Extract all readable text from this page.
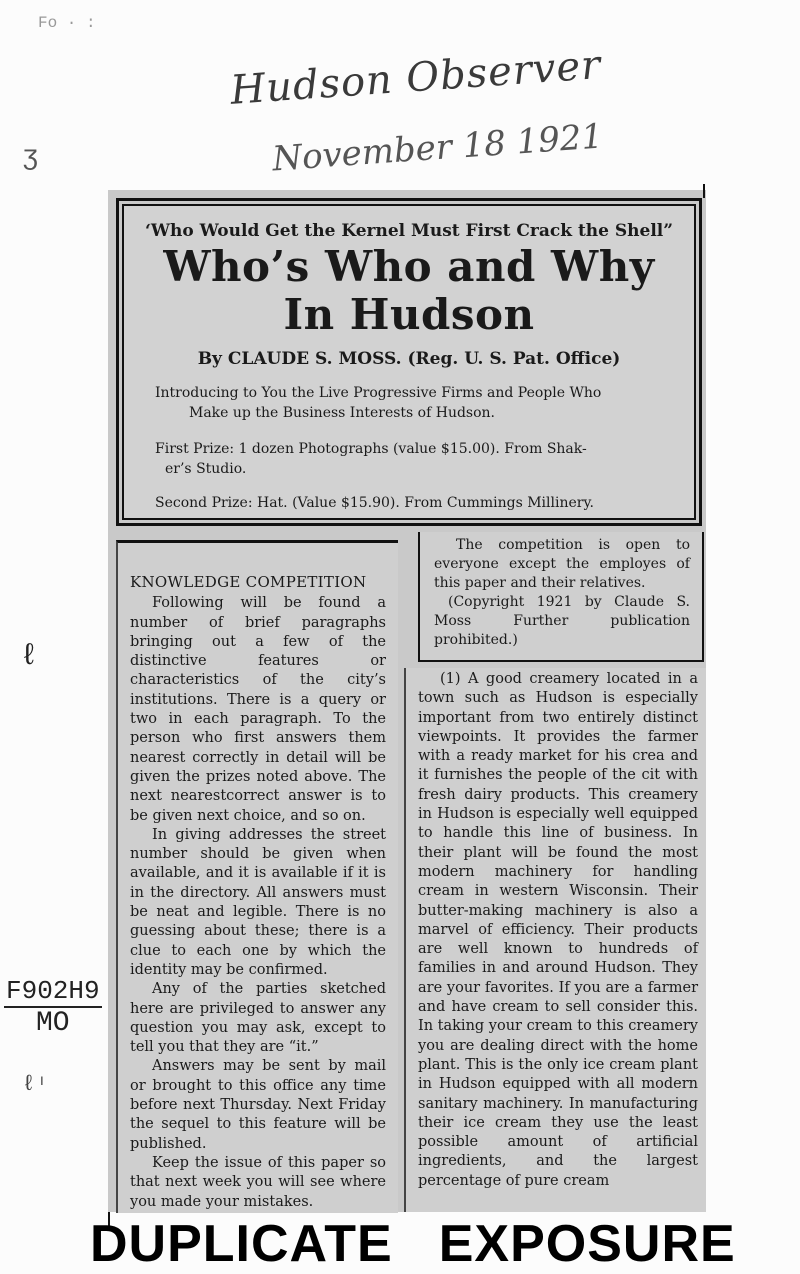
Fo · :
Hudson Observer
November 18 1921
ʒ
ℓ
F902H9
MO
ℓᶦ
‘Who Would Get the Kernel Must First Crack the Shell”
Who’s Who and Why
In Hudson
By CLAUDE S. MOSS. (Reg. U. S. Pat. Office)
Introducing to You the Live Progressive Firms and People Who
Make up the Business Interests of Hudson.
First Prize: 1 dozen Photographs (value $15.00). From Shak-
er’s Studio.
Second Prize: Hat. (Value $15.90). From Cummings Millinery.
KNOWLEDGE COMPETITION

Following will be found a number of brief paragraphs bringing out a few of the distinctive features or characteristics of the city’s institutions. There is a query or two in each paragraph. To the person who first answers them nearest correctly in detail will be given the prizes noted above. The next nearestcorrect answer is to be given next choice, and so on.

In giving addresses the street number should be given when available, and it is available if it is in the directory. All answers must be neat and legible. There is no guessing about these; there is a clue to each one by which the identity may be confirmed.

Any of the parties sketched here are privileged to answer any question you may ask, except to tell you that they are “it.”

Answers may be sent by mail or brought to this office any time before next Thursday. Next Friday the sequel to this feature will be published.

Keep the issue of this paper so that next week you will see where you made your mistakes.

The competition is open to everyone except the employes of this paper and their relatives.

(Copyright 1921 by Claude S. Moss Further publication prohibited.)

(1) A good creamery located in a town such as Hudson is especially important from two entirely distinct viewpoints. It provides the farmer with a ready market for his crea and it furnishes the people of the cit with fresh dairy products. This creamery in Hudson is especially well equipped to handle this line of business. In their plant will be found the most modern machinery for handling cream in western Wisconsin. Their butter-making machinery is also a marvel of efficiency. Their products are well known to hundreds of families in and around Hudson. They are your favorites. If you are a farmer and have cream to sell consider this. In taking your cream to this creamery you are dealing direct with the home plant. This is the only ice cream plant in Hudson equipped with all modern sanitary machinery. In manufacturing their ice cream they use the least possible amount of artificial ingredients, and the largest percentage of pure cream

DUPLICATE EXPOSURE
